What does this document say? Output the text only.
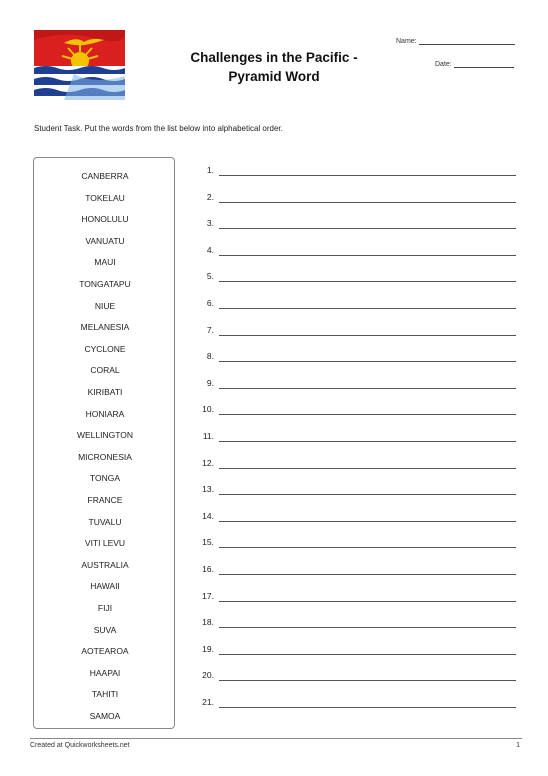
Challenges in the Pacific -
Pyramid Word
Name:
Date:
Student Task. Put the words from the list below into alphabetical order.
CANBERRA
TOKELAU
HONOLULU
VANUATU
MAUI
TONGATAPU
NIUE
MELANESIA
CYCLONE
CORAL
KIRIBATI
HONIARA
WELLINGTON
MICRONESIA
TONGA
FRANCE
TUVALU
VITI LEVU
AUSTRALIA
HAWAII
FIJI
SUVA
AOTEAROA
HAAPAI
TAHITI
SAMOA
1.
2.
3.
4.
5.
6.
7.
8.
9.
10.
11.
12.
13.
14.
15.
16.
17.
18.
19.
20.
21.
Created at Quickworksheets.net	1
